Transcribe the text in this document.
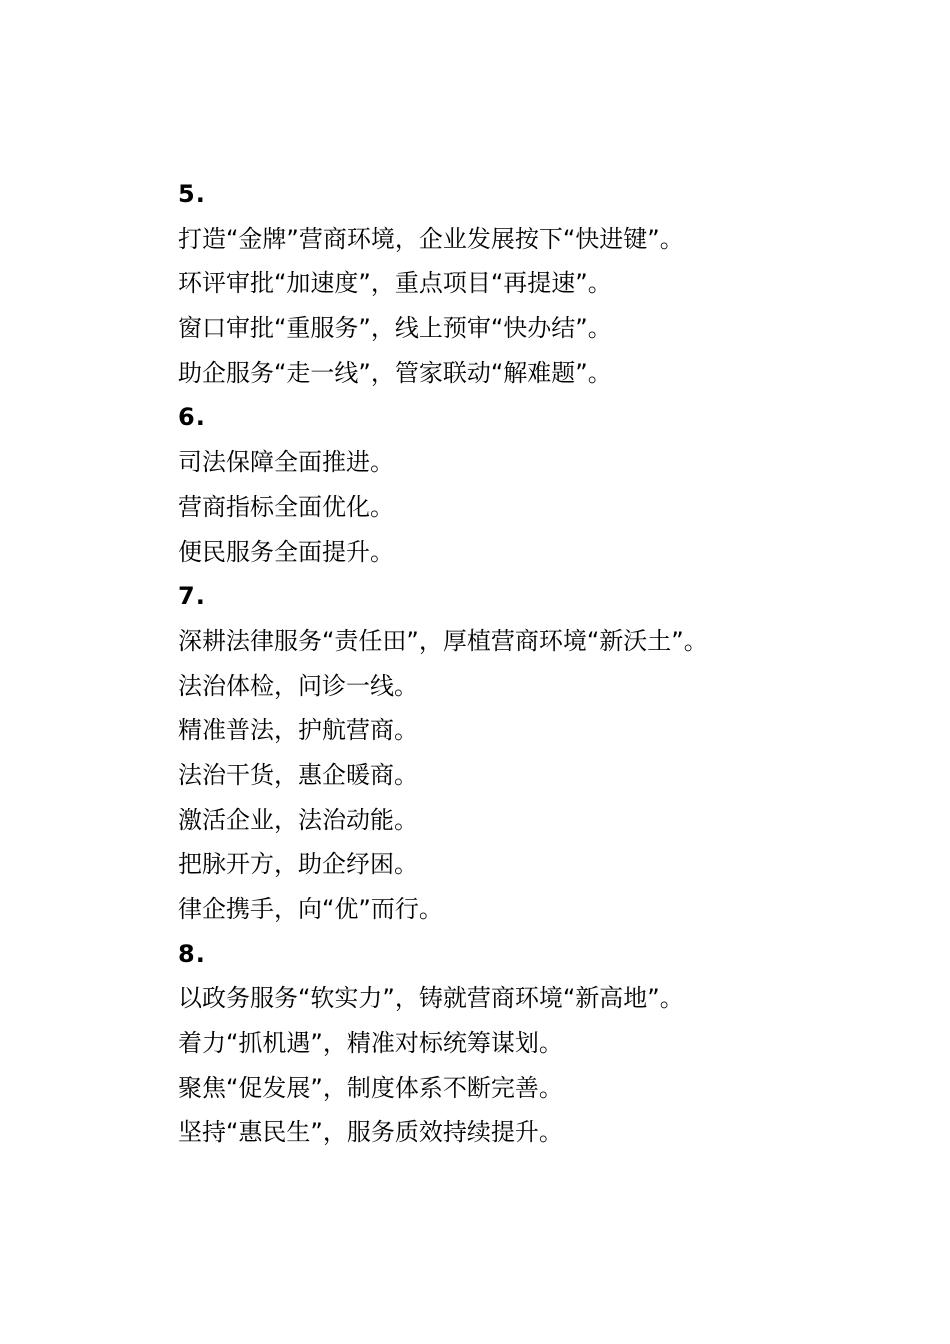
5.
打造“金牌”营商环境，企业发展按下“快进键”。
环评审批“加速度”，重点项目“再提速”。
窗口审批“重服务”，线上预审“快办结”。
助企服务“走一线”，管家联动“解难题”。
6.
司法保障全面推进。
营商指标全面优化。
便民服务全面提升。
7.
深耕法律服务“责任田”，厚植营商环境“新沃土”。
法治体检，问诊一线。
精准普法，护航营商。
法治干货，惠企暖商。
激活企业，法治动能。
把脉开方，助企纾困。
律企携手，向“优”而行。
8.
以政务服务“软实力”，铸就营商环境“新高地”。
着力“抓机遇”，精准对标统筹谋划。
聚焦“促发展”，制度体系不断完善。
坚持“惠民生”，服务质效持续提升。
